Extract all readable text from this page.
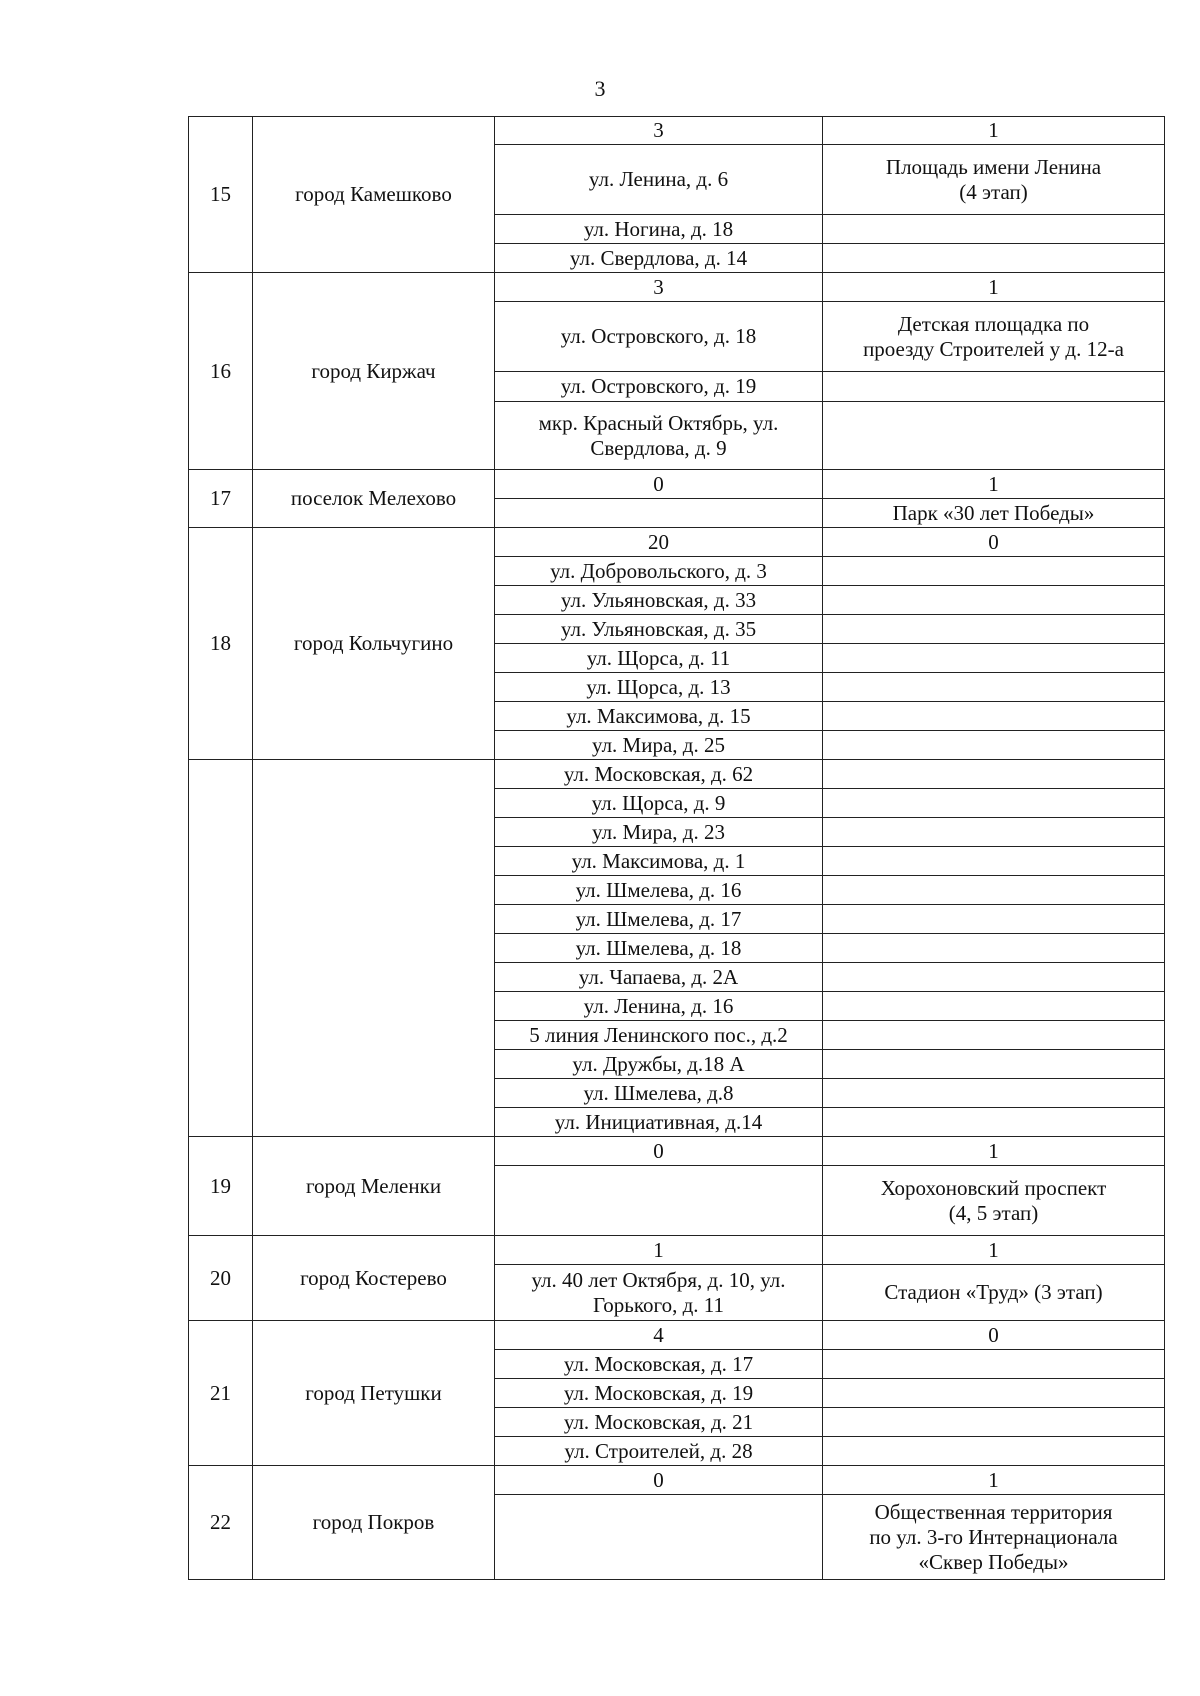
3
15	город Камешково	3	1
		ул. Ленина, д. 6	Площадь имени Ленина
(4 этап)
		ул. Ногина, д. 18	
		ул. Свердлова, д. 14	
16	город Киржач	3	1
		ул. Островского, д. 18	Детская площадка по
проезду Строителей у д. 12-а
		ул. Островского, д. 19	
		мкр. Красный Октябрь, ул.
Свердлова, д. 9	
17	поселок Мелехово	0	1
			Парк «30 лет Победы»
18	город Кольчугино	20	0
		ул. Добровольского, д. 3	
		ул. Ульяновская, д. 33	
		ул. Ульяновская, д. 35	
		ул. Щорса, д. 11	
		ул. Щорса, д. 13	
		ул. Максимова, д. 15	
		ул. Мира, д. 25	
		ул. Московская, д. 62	
		ул. Щорса, д. 9	
		ул. Мира, д. 23	
		ул. Максимова, д. 1	
		ул. Шмелева, д. 16	
		ул. Шмелева, д. 17	
		ул. Шмелева, д. 18	
		ул. Чапаева, д. 2А	
		ул. Ленина, д. 16	
		5 линия Ленинского пос., д.2	
		ул. Дружбы, д.18 А	
		ул. Шмелева, д.8	
		ул. Инициативная, д.14	
19	город Меленки	0	1
			Хорохоновский проспект
(4, 5 этап)
20	город Костерево	1	1
		ул. 40 лет Октября, д. 10, ул.
Горького, д. 11	Стадион «Труд» (3 этап)
21	город Петушки	4	0
		ул. Московская, д. 17	
		ул. Московская, д. 19	
		ул. Московская, д. 21	
		ул. Строителей, д. 28	
22	город Покров	0	1
			Общественная территория
по ул. 3-го Интернационала
«Сквер Победы»
